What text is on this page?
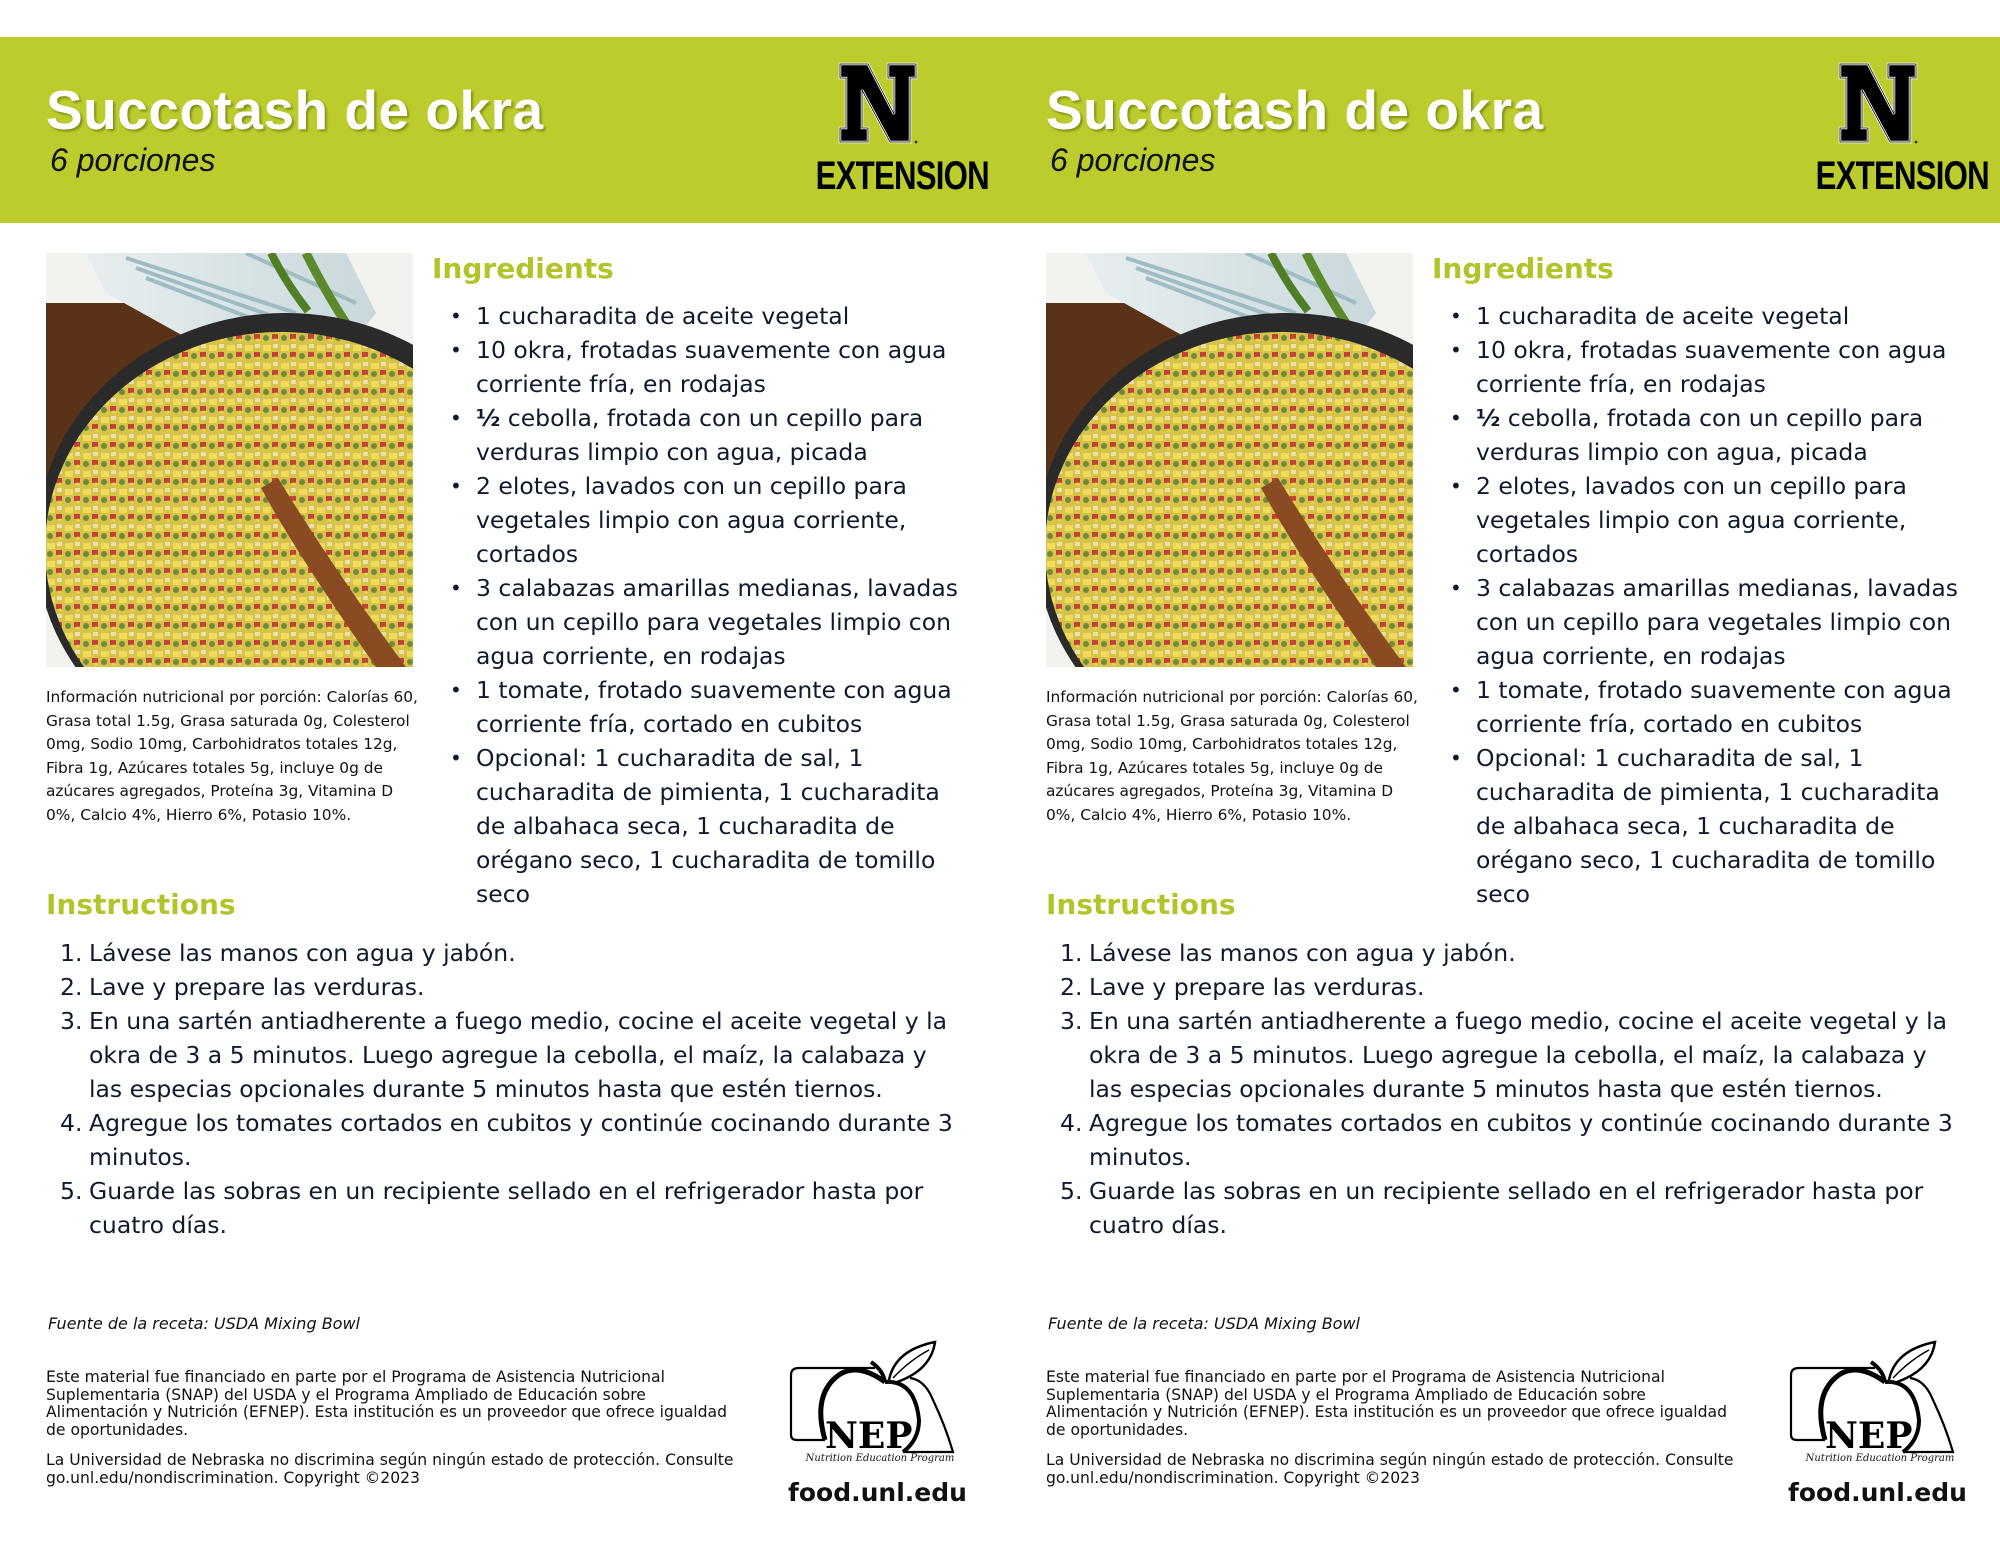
Succotash de okra
6 porciones	EXTENSION

Información nutricional por porción: Calorías 60, Grasa total 1.5g, Grasa saturada 0g, Colesterol 0mg, Sodio 10mg, Carbohidratos totales 12g, Fibra 1g, Azúcares totales 5g, incluye 0g de azúcares agregados, Proteína 3g, Vitamina D 0%, Calcio 4%, Hierro 6%, Potasio 10%.

Ingredients
• 1 cucharadita de aceite vegetal
• 10 okra, frotadas suavemente con agua corriente fría, en rodajas
• ½ cebolla, frotada con un cepillo para verduras limpio con agua, picada
• 2 elotes, lavados con un cepillo para vegetales limpio con agua corriente, cortados
• 3 calabazas amarillas medianas, lavadas con un cepillo para vegetales limpio con agua corriente, en rodajas
• 1 tomate, frotado suavemente con agua corriente fría, cortado en cubitos
• Opcional: 1 cucharadita de sal, 1 cucharadita de pimienta, 1 cucharadita de albahaca seca, 1 cucharadita de orégano seco, 1 cucharadita de tomillo seco
Instructions
1. Lávese las manos con agua y jabón.
2. Lave y prepare las verduras.
3. En una sartén antiadherente a fuego medio, cocine el aceite vegetal y la okra de 3 a 5 minutos. Luego agregue la cebolla, el maíz, la calabaza y las especias opcionales durante 5 minutos hasta que estén tiernos.
4. Agregue los tomates cortados en cubitos y continúe cocinando durante 3 minutos.
5. Guarde las sobras en un recipiente sellado en el refrigerador hasta por cuatro días.
Fuente de la receta: USDA Mixing Bowl

Este material fue financiado en parte por el Programa de Asistencia Nutricional Suplementaria (SNAP) del USDA y el Programa Ampliado de Educación sobre Alimentación y Nutrición (EFNEP). Esta institución es un proveedor que ofrece igualdad de oportunidades.

La Universidad de Nebraska no discrimina según ningún estado de protección. Consulte go.unl.edu/nondiscrimination. Copyright ©2023

NEP
Nutrition Education Program
food.unl.edu
Succotash de okra
6 porciones	EXTENSION

Información nutricional por porción: Calorías 60, Grasa total 1.5g, Grasa saturada 0g, Colesterol 0mg, Sodio 10mg, Carbohidratos totales 12g, Fibra 1g, Azúcares totales 5g, incluye 0g de azúcares agregados, Proteína 3g, Vitamina D 0%, Calcio 4%, Hierro 6%, Potasio 10%.

Ingredients
• 1 cucharadita de aceite vegetal
• 10 okra, frotadas suavemente con agua corriente fría, en rodajas
• ½ cebolla, frotada con un cepillo para verduras limpio con agua, picada
• 2 elotes, lavados con un cepillo para vegetales limpio con agua corriente, cortados
• 3 calabazas amarillas medianas, lavadas con un cepillo para vegetales limpio con agua corriente, en rodajas
• 1 tomate, frotado suavemente con agua corriente fría, cortado en cubitos
• Opcional: 1 cucharadita de sal, 1 cucharadita de pimienta, 1 cucharadita de albahaca seca, 1 cucharadita de orégano seco, 1 cucharadita de tomillo seco
Instructions
1. Lávese las manos con agua y jabón.
2. Lave y prepare las verduras.
3. En una sartén antiadherente a fuego medio, cocine el aceite vegetal y la okra de 3 a 5 minutos. Luego agregue la cebolla, el maíz, la calabaza y las especias opcionales durante 5 minutos hasta que estén tiernos.
4. Agregue los tomates cortados en cubitos y continúe cocinando durante 3 minutos.
5. Guarde las sobras en un recipiente sellado en el refrigerador hasta por cuatro días.
Fuente de la receta: USDA Mixing Bowl

Este material fue financiado en parte por el Programa de Asistencia Nutricional Suplementaria (SNAP) del USDA y el Programa Ampliado de Educación sobre Alimentación y Nutrición (EFNEP). Esta institución es un proveedor que ofrece igualdad de oportunidades.

La Universidad de Nebraska no discrimina según ningún estado de protección. Consulte go.unl.edu/nondiscrimination. Copyright ©2023

NEP
Nutrition Education Program
food.unl.edu
